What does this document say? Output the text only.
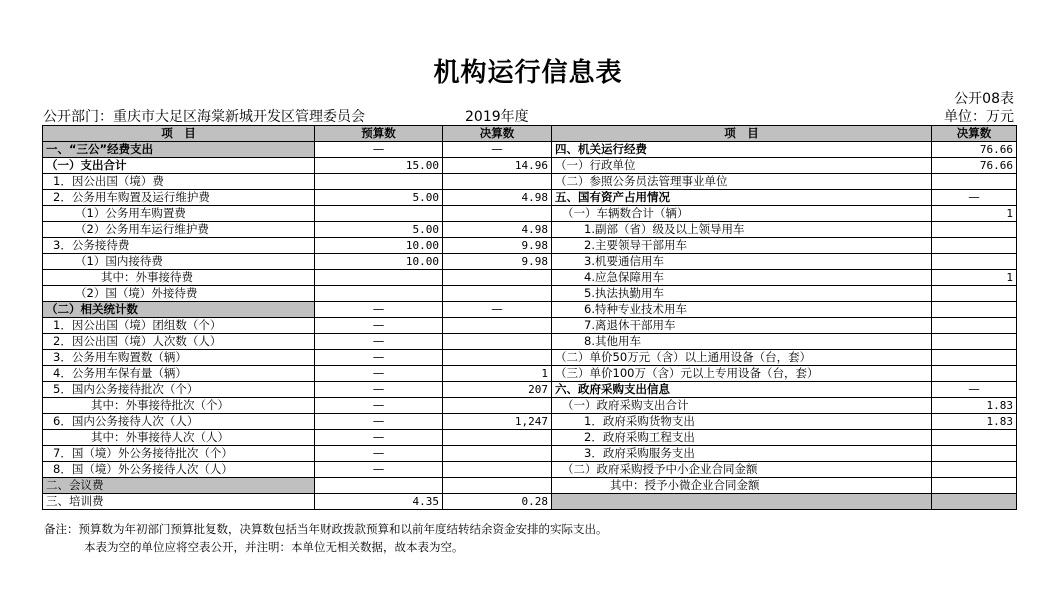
机构运行信息表
公开08表
公开部门：重庆市大足区海棠新城开发区管理委员会	2019年度	单位：万元
项　目	预算数	决算数	项　目	决算数
一、“三公”经费支出	—	—	四、机关运行经费	76.66
（一）支出合计	15.00	14.96	（一）行政单位	76.66
1．因公出国（境）费			（二）参照公务员法管理事业单位	
2．公务用车购置及运行维护费	5.00	4.98	五、国有资产占用情况	—
（1）公务用车购置费			（一）车辆数合计（辆）	1
（2）公务用车运行维护费	5.00	4.98	1.副部（省）级及以上领导用车	
3．公务接待费	10.00	9.98	2.主要领导干部用车	
（1）国内接待费	10.00	9.98	3.机要通信用车	
其中：外事接待费			4.应急保障用车	1
（2）国（境）外接待费			5.执法执勤用车	
（二）相关统计数	—	—	6.特种专业技术用车	
1．因公出国（境）团组数（个）	—		7.离退休干部用车	
2．因公出国（境）人次数（人）	—		8.其他用车	
3．公务用车购置数（辆）	—		（二）单价50万元（含）以上通用设备（台，套）	
4．公务用车保有量（辆）	—	1	（三）单价100万（含）元以上专用设备（台，套）	
5．国内公务接待批次（个）	—	207	六、政府采购支出信息	—
其中：外事接待批次（个）	—		（一）政府采购支出合计	1.83
6．国内公务接待人次（人）	—	1,247	1．政府采购货物支出	1.83
其中：外事接待人次（人）	—		2．政府采购工程支出	
7．国（境）外公务接待批次（个）	—		3．政府采购服务支出	
8．国（境）外公务接待人次（人）	—		（二）政府采购授予中小企业合同金额	
二、会议费			其中：授予小微企业合同金额	
三、培训费	4.35	0.28		
备注：预算数为年初部门预算批复数，决算数包括当年财政拨款预算和以前年度结转结余资金安排的实际支出。
本表为空的单位应将空表公开，并注明：本单位无相关数据，故本表为空。
